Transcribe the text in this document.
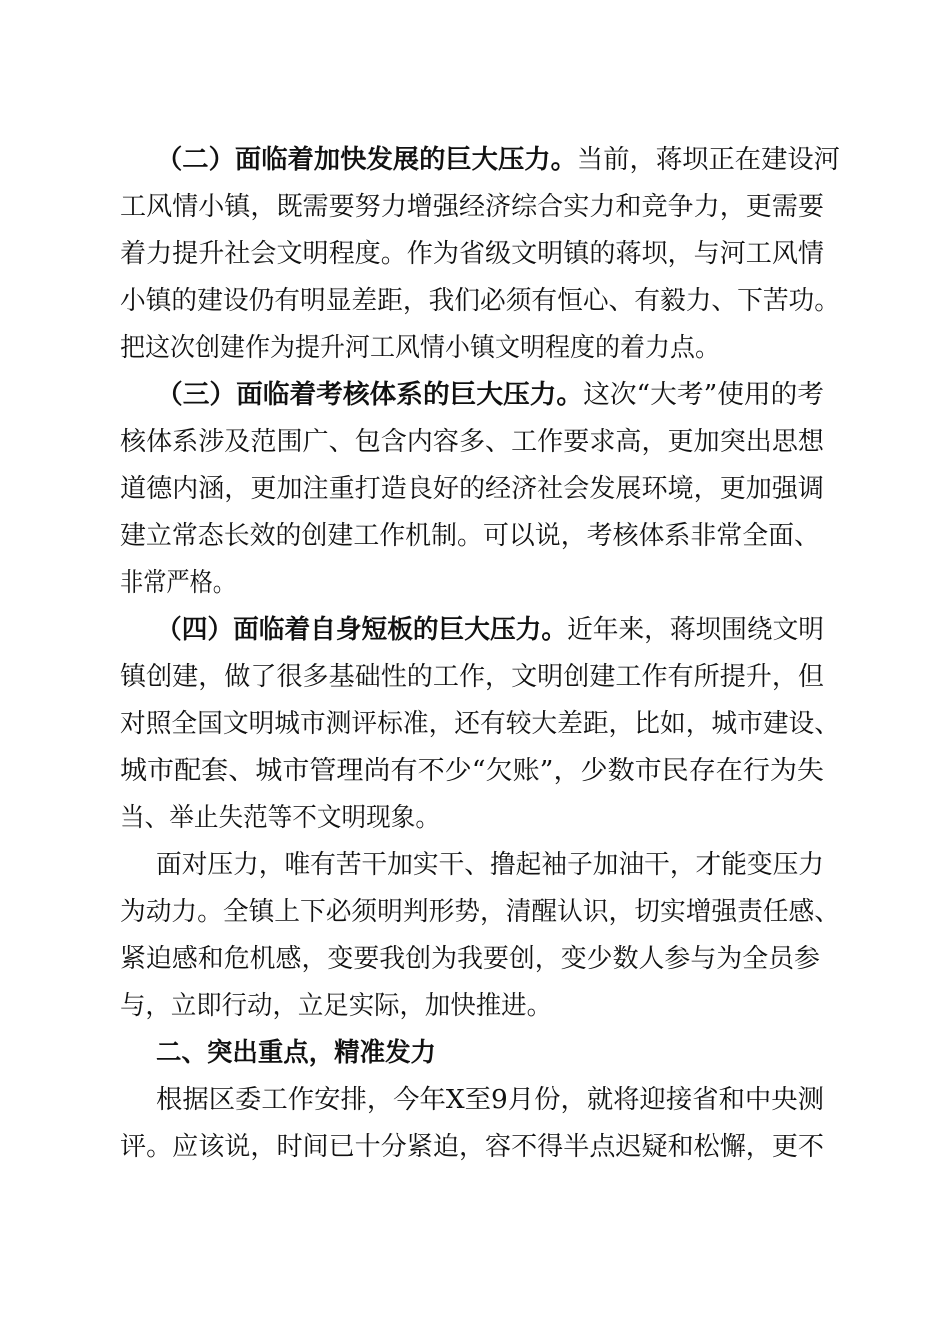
（二）面临着加快发展的巨大压力。当前，蒋坝正在建设河
工风情小镇，既需要努力增强经济综合实力和竞争力，更需要
着力提升社会文明程度。作为省级文明镇的蒋坝，与河工风情
小镇的建设仍有明显差距，我们必须有恒心、有毅力、下苦功。
把这次创建作为提升河工风情小镇文明程度的着力点。
（三）面临着考核体系的巨大压力。这次“大考”使用的考
核体系涉及范围广、包含内容多、工作要求高，更加突出思想
道德内涵，更加注重打造良好的经济社会发展环境，更加强调
建立常态长效的创建工作机制。可以说，考核体系非常全面、
非常严格。
（四）面临着自身短板的巨大压力。近年来，蒋坝围绕文明
镇创建，做了很多基础性的工作，文明创建工作有所提升，但
对照全国文明城市测评标准，还有较大差距，比如，城市建设、
城市配套、城市管理尚有不少“欠账”，少数市民存在行为失
当、举止失范等不文明现象。
面对压力，唯有苦干加实干、撸起袖子加油干，才能变压力
为动力。全镇上下必须明判形势，清醒认识，切实增强责任感、
紧迫感和危机感，变要我创为我要创，变少数人参与为全员参
与，立即行动，立足实际，加快推进。
二、突出重点，精准发力
根据区委工作安排，今年X至9月份，就将迎接省和中央测
评。应该说，时间已十分紧迫，容不得半点迟疑和松懈，更不
